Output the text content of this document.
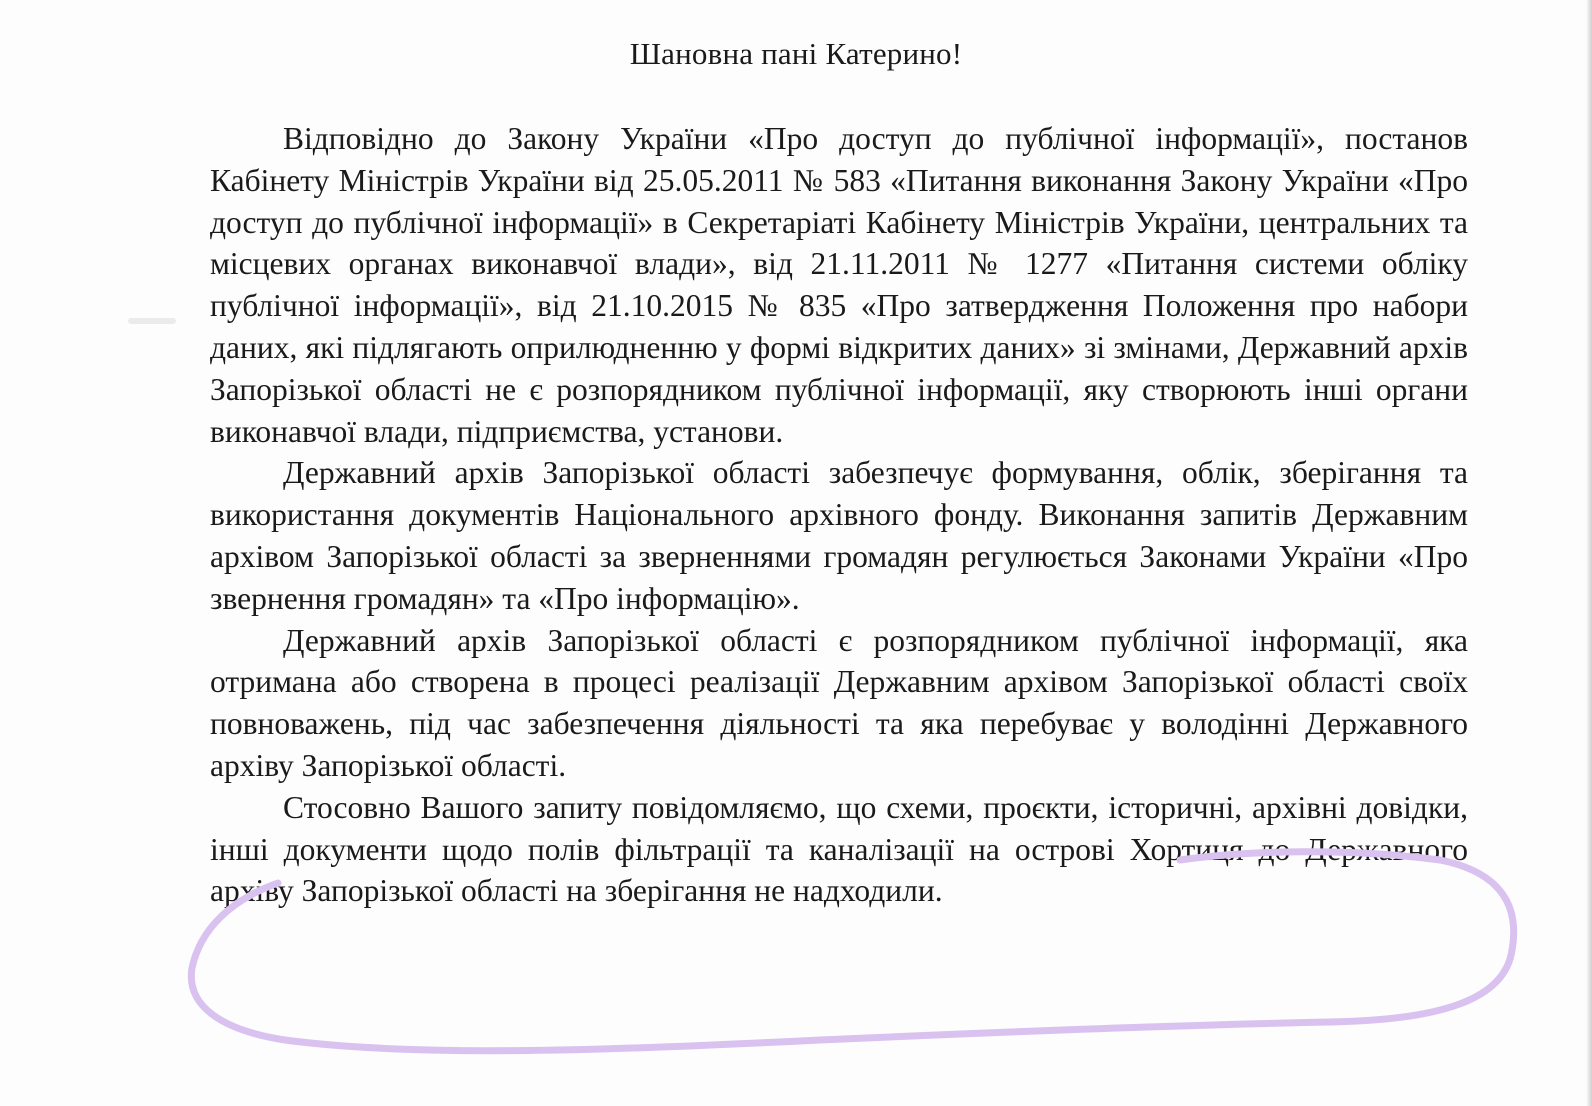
Шановна пані Катерино!

Відповідно до Закону України «Про доступ до публічної інформації», постанов Кабінету Міністрів України від 25.05.2011 № 583 «Питання виконання Закону України «Про доступ до публічної інформації» в Секретаріаті Кабінету Міністрів України, центральних та місцевих органах виконавчої влади», від 21.11.2011 № 1277 «Питання системи обліку публічної інформації», від 21.10.2015 № 835 «Про затвердження Положення про набори даних, які підлягають оприлюдненню у формі відкритих даних» зі змінами, Державний архів Запорізької області не є розпорядником публічної інформації, яку створюють інші органи виконавчої влади, підприємства, установи.

Державний архів Запорізької області забезпечує формування, облік, зберігання та використання документів Національного архівного фонду. Виконання запитів Державним архівом Запорізької області за зверненнями громадян регулюється Законами України «Про звернення громадян» та «Про інформацію».

Державний архів Запорізької області є розпорядником публічної інформації, яка отримана або створена в процесі реалізації Державним архівом Запорізької області своїх повноважень, під час забезпечення діяльності та яка перебуває у володінні Державного архіву Запорізької області.

Стосовно Вашого запиту повідомляємо, що схеми, проєкти, історичні, архівні довідки, інші документи щодо полів фільтрації та каналізації на острові Хортиця до Державного архіву Запорізької області на зберігання не надходили.
